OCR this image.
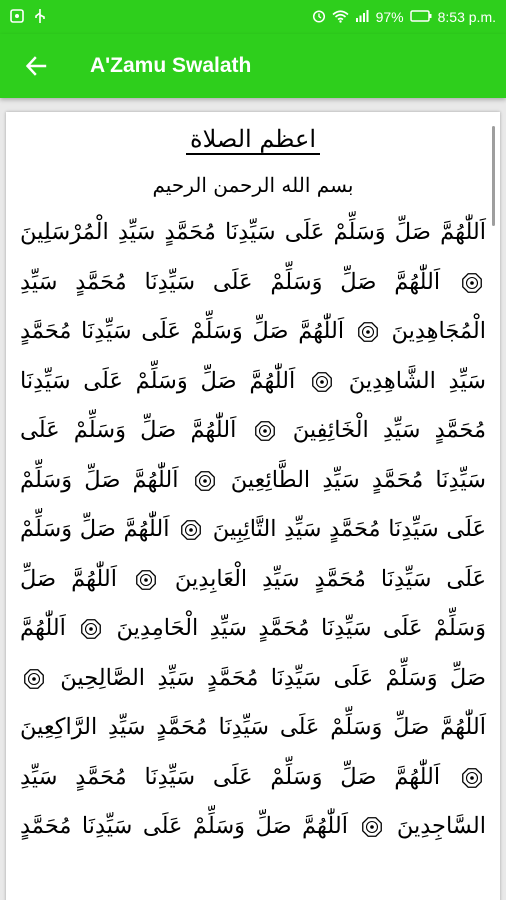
97% 8:53 p.m.
A'Zamu Swalath
اعظم الصلاة
بسم الله الرحمن الرحيم
اَللّٰهُمَّ صَلِّ وَسَلِّمْ عَلَى سَيِّدِنَا مُحَمَّدٍ سَيِّدِ الْمُرْسَلِينَ  اَللّٰهُمَّ صَلِّ وَسَلِّمْ عَلَى سَيِّدِنَا مُحَمَّدٍ سَيِّدِ الْمُجَاهِدِينَ  اَللّٰهُمَّ صَلِّ وَسَلِّمْ عَلَى سَيِّدِنَا مُحَمَّدٍ سَيِّدِ الشَّاهِدِينَ  اَللّٰهُمَّ صَلِّ وَسَلِّمْ عَلَى سَيِّدِنَا مُحَمَّدٍ سَيِّدِ الْخَائِفِينَ  اَللّٰهُمَّ صَلِّ وَسَلِّمْ عَلَى سَيِّدِنَا مُحَمَّدٍ سَيِّدِ الطَّائِعِينَ  اَللّٰهُمَّ صَلِّ وَسَلِّمْ عَلَى سَيِّدِنَا مُحَمَّدٍ سَيِّدِ التَّائِبِينَ  اَللّٰهُمَّ صَلِّ وَسَلِّمْ عَلَى سَيِّدِنَا مُحَمَّدٍ سَيِّدِ الْعَابِدِينَ  اَللّٰهُمَّ صَلِّ وَسَلِّمْ عَلَى سَيِّدِنَا مُحَمَّدٍ سَيِّدِ الْحَامِدِينَ  اَللّٰهُمَّ صَلِّ وَسَلِّمْ عَلَى سَيِّدِنَا مُحَمَّدٍ سَيِّدِ الصَّالِحِينَ  اَللّٰهُمَّ صَلِّ وَسَلِّمْ عَلَى سَيِّدِنَا مُحَمَّدٍ سَيِّدِ الرَّاكِعِينَ  اَللّٰهُمَّ صَلِّ وَسَلِّمْ عَلَى سَيِّدِنَا مُحَمَّدٍ سَيِّدِ السَّاجِدِينَ  اَللّٰهُمَّ صَلِّ وَسَلِّمْ عَلَى سَيِّدِنَا مُحَمَّدٍ
